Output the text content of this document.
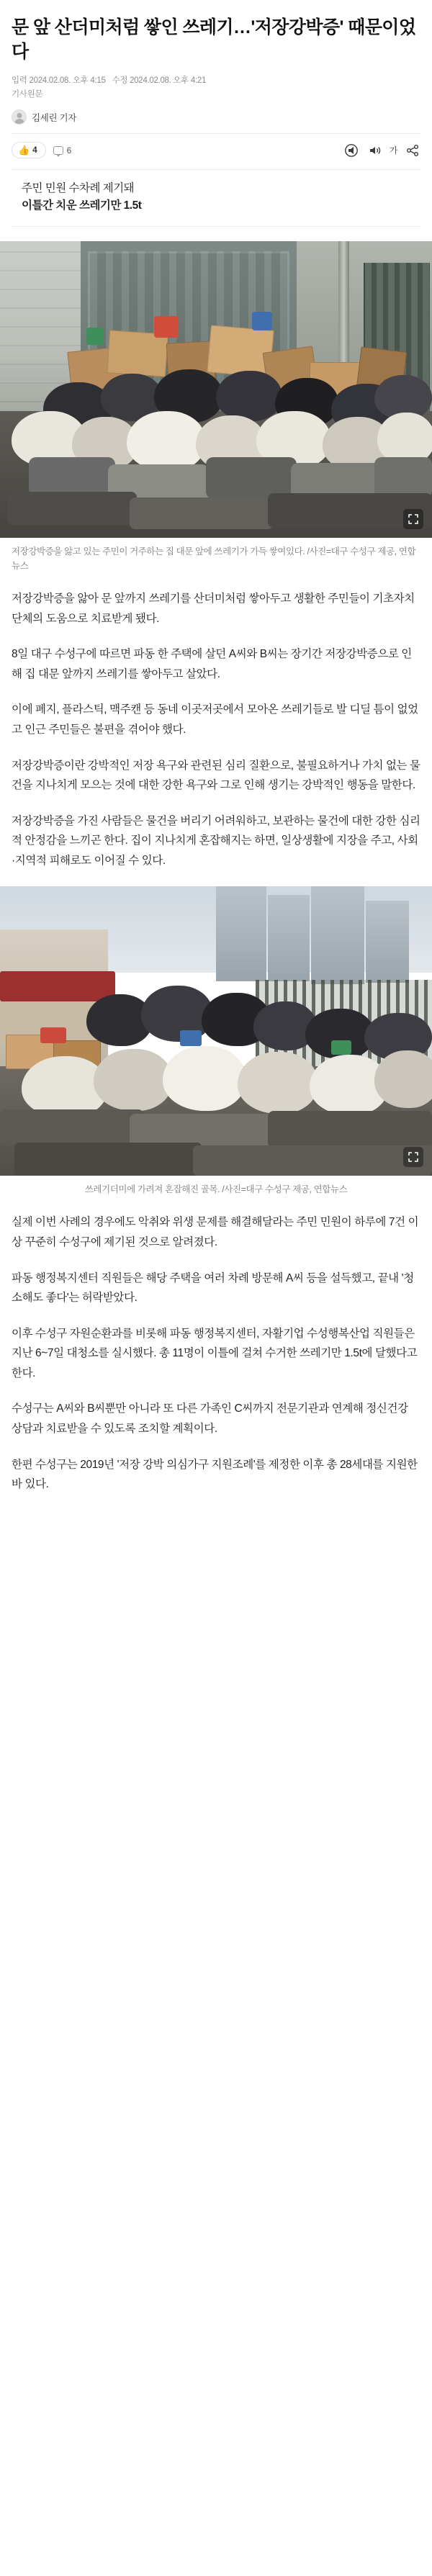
문 앞 산더미처럼 쌓인 쓰레기…'저장강박증' 때문이었다
입력 2024.02.08. 오후 4:15 수정 2024.02.08. 오후 4:21
기사원문
김세린 기자
👍 4	6	가
주민 민원 수차례 제기돼
이틀간 치운 쓰레기만 1.5t
저장강박증을 앓고 있는 주민이 거주하는 집 대문 앞에 쓰레기가 가득 쌓여있다. /사진=대구 수성구 제공, 연합뉴스

저장강박증을 앓아 문 앞까지 쓰레기를 산더미처럼 쌓아두고 생활한 주민들이 기초자치단체의 도움으로 치료받게 됐다.

8일 대구 수성구에 따르면 파동 한 주택에 살던 A씨와 B씨는 장기간 저장강박증으로 인해 집 대문 앞까지 쓰레기를 쌓아두고 살았다.

이에 폐지, 플라스틱, 맥주캔 등 동네 이곳저곳에서 모아온 쓰레기들로 발 디딜 틈이 없었고 인근 주민들은 불편을 겪어야 했다.

저장강박증이란 강박적인 저장 욕구와 관련된 심리 질환으로, 불필요하거나 가치 없는 물건을 지나치게 모으는 것에 대한 강한 욕구와 그로 인해 생기는 강박적인 행동을 말한다.

저장강박증을 가진 사람들은 물건을 버리기 어려워하고, 보관하는 물건에 대한 강한 심리적 안정감을 느끼곤 한다. 집이 지나치게 혼잡해지는 하면, 일상생활에 지장을 주고, 사회·지역적 피해로도 이어질 수 있다.

쓰레기더미에 가려져 혼잡해진 골목. /사진=대구 수성구 제공, 연합뉴스

실제 이번 사례의 경우에도 악취와 위생 문제를 해결해달라는 주민 민원이 하루에 7건 이상 꾸준히 수성구에 제기된 것으로 알려졌다.

파동 행정복지센터 직원들은 해당 주택을 여러 차례 방문해 A씨 등을 설득했고, 끝내 '청소해도 좋다'는 허락받았다.

이후 수성구 자원순환과를 비롯해 파동 행정복지센터, 자활기업 수성행복산업 직원들은 지난 6~7일 대청소를 실시했다. 총 11명이 이틀에 걸쳐 수거한 쓰레기만 1.5t에 달했다고 한다.

수성구는 A씨와 B씨뿐만 아니라 또 다른 가족인 C씨까지 전문기관과 연계해 정신건강 상담과 치료받을 수 있도록 조치할 계획이다.

한편 수성구는 2019년 '저장 강박 의심가구 지원조례'를 제정한 이후 총 28세대를 지원한 바 있다.
